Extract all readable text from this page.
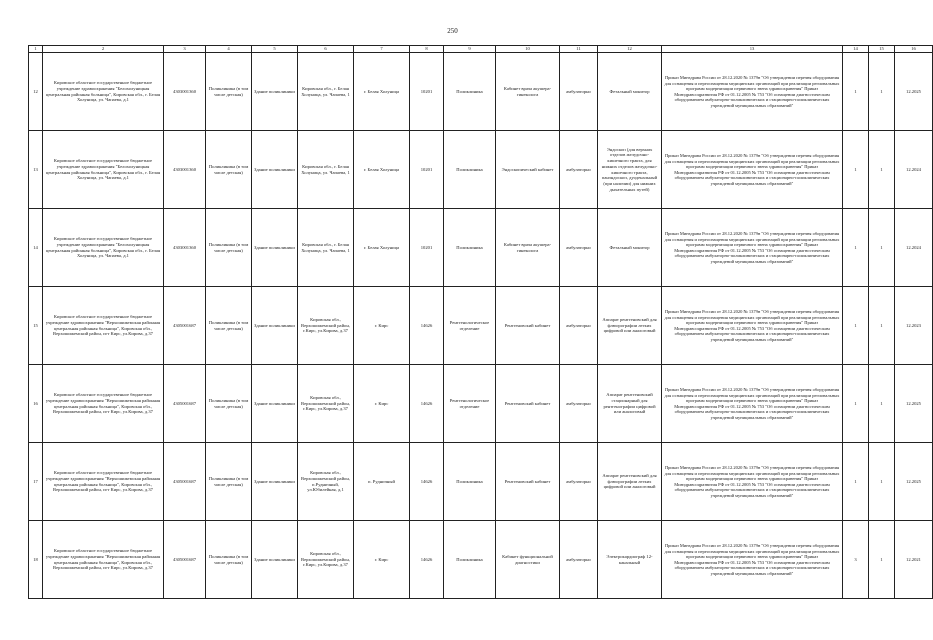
250
1	2	3	4	5	6	7	8	9	10	11	12	13	14	15	16
12	Кировское областное государственное бюджетное учреждение здравоохранения "Белохолуницкая центральная районная больница", Кировская обл., г. Белая Холуница, ул. Чапаева, д.1	4303001360	Поликлиника (в том числе детская)	Здание поликлиники	Кировская обл., г. Белая Холуница, ул. Чапаева, 1	г. Белая Холуница	10201	Поликлиника	Кабинет врача акушера-гинеколога	амбулаторно	Фетальный монитор	Приказ Минздрава России от 28.12.2020 № 1379н "Об утверждении перечня оборудования для оснащения и переоснащения медицинских организаций при реализации региональных программ модернизации первичного звена здравоохранения" Приказ Минздравсоцразвития РФ от 01.12.2005 № 753 "Об оснащении диагностическим оборудованием амбулаторно-поликлинических и стационарно-поликлинических учреждений муниципальных образований"	1	1	12.2025
13	Кировское областное государственное бюджетное учреждение здравоохранения "Белохолуницкая центральная районная больница", Кировская обл., г. Белая Холуница, ул. Чапаева, д.1	4303001360	Поликлиника (в том числе детская)	Здание поликлиники	Кировская обл., г. Белая Холуница, ул. Чапаева, 1	г. Белая Холуница	10201	Поликлиника	Эндоскопический кабинет	амбулаторно	Эндоскоп (для верхних отделов желудочно-кишечного тракта, для нижних отделов желудочно-кишечного тракта, панэндоскоп, дуоденальный (при наличии) для нижних дыхательных путей)	Приказ Минздрава России от 28.12.2020 № 1379н "Об утверждении перечня оборудования для оснащения и переоснащения медицинских организаций при реализации региональных программ модернизации первичного звена здравоохранения" Приказ Минздравсоцразвития РФ от 01.12.2005 № 753 "Об оснащении диагностическим оборудованием амбулаторно-поликлинических и стационарно-поликлинических учреждений муниципальных образований"	1	1	12.2024
14	Кировское областное государственное бюджетное учреждение здравоохранения "Белохолуницкая центральная районная больница", Кировская обл., г. Белая Холуница, ул. Чапаева, д.1	4303001360	Поликлиника (в том числе детская)	Здание поликлиники	Кировская обл., г. Белая Холуница, ул. Чапаева, 1	г. Белая Холуница	10201	Поликлиника	Кабинет врача акушера-гинеколога	амбулаторно	Фетальный монитор	Приказ Минздрава России от 28.12.2020 № 1379н "Об утверждении перечня оборудования для оснащения и переоснащения медицинских организаций при реализации региональных программ модернизации первичного звена здравоохранения" Приказ Минздравсоцразвития РФ от 01.12.2005 № 753 "Об оснащении диагностическим оборудованием амбулаторно-поликлинических и стационарно-поликлинических учреждений муниципальных образований"	1	1	12.2024
15	Кировское областное государственное бюджетное учреждение здравоохранения "Верхошижемская районная центральная районная больница", Кировская обл., Верхошижемский район, пгт Кирс, ул.Кирова, д.37	4305001687	Поликлиника (в том числе детская)	Здание поликлиники	Кировская обл., Верхошижемский район, г.Кирс, ул.Кирова, д.37	г. Кирс	14626	Рентгенологическое отделение	Рентгеновский кабинет	амбулаторно	Аппарат рентгеновский для флюорографии легких цифровой или аналоговый	Приказ Минздрава России от 28.12.2020 № 1379н "Об утверждении перечня оборудования для оснащения и переоснащения медицинских организаций при реализации региональных программ модернизации первичного звена здравоохранения" Приказ Минздравсоцразвития РФ от 01.12.2005 № 753 "Об оснащении диагностическим оборудованием амбулаторно-поликлинических и стационарно-поликлинических учреждений муниципальных образований"	1	1	12.2023
16	Кировское областное государственное бюджетное учреждение здравоохранения "Верхошижемская районная центральная районная больница", Кировская обл., Верхошижемский район, пгт Кирс, ул.Кирова, д.37	4305001687	Поликлиника (в том числе детская)	Здание поликлиники	Кировская обл., Верхошижемский район, г.Кирс, ул.Кирова, д.37	г. Кирс	14626	Рентгенологическое отделение	Рентгеновский кабинет	амбулаторно	Аппарат рентгеновский стационарный для рентгенографии цифровой или аналоговый	Приказ Минздрава России от 28.12.2020 № 1379н "Об утверждении перечня оборудования для оснащения и переоснащения медицинских организаций при реализации региональных программ модернизации первичного звена здравоохранения" Приказ Минздравсоцразвития РФ от 01.12.2005 № 753 "Об оснащении диагностическим оборудованием амбулаторно-поликлинических и стационарно-поликлинических учреждений муниципальных образований"	1	1	12.2025
17	Кировское областное государственное бюджетное учреждение здравоохранения "Верхошижемская районная центральная районная больница", Кировская обл., Верхошижемский район, пгт Кирс, ул.Кирова, д.37	4305001687	Поликлиника (в том числе детская)	Здание поликлиники	Кировская обл., Верхошижемский район, п.Рудничный, ул.Юбилейная, д.1	п. Рудничный	14626	Поликлиника	Рентгеновский кабинет	амбулаторно	Аппарат рентгеновский для флюорографии легких цифровой или аналоговый	Приказ Минздрава России от 28.12.2020 № 1379н "Об утверждении перечня оборудования для оснащения и переоснащения медицинских организаций при реализации региональных программ модернизации первичного звена здравоохранения" Приказ Минздравсоцразвития РФ от 01.12.2005 № 753 "Об оснащении диагностическим оборудованием амбулаторно-поликлинических и стационарно-поликлинических учреждений муниципальных образований"	1	1	12.2025
18	Кировское областное государственное бюджетное учреждение здравоохранения "Верхошижемская районная центральная районная больница", Кировская обл., Верхошижемский район, пгт Кирс, ул.Кирова, д.37	4305001687	Поликлиника (в том числе детская)	Здание поликлиники	Кировская обл., Верхошижемский район, г.Кирс, ул.Кирова, д.37	г. Кирс	14626	Поликлиника	Кабинет функциональной диагностики	амбулаторно	Электрокардиограф 12-канальный	Приказ Минздрава России от 28.12.2020 № 1379н "Об утверждении перечня оборудования для оснащения и переоснащения медицинских организаций при реализации региональных программ модернизации первичного звена здравоохранения" Приказ Минздравсоцразвития РФ от 01.12.2005 № 753 "Об оснащении диагностическим оборудованием амбулаторно-поликлинических и стационарно-поликлинических учреждений муниципальных образований"	3	1	12.2021
